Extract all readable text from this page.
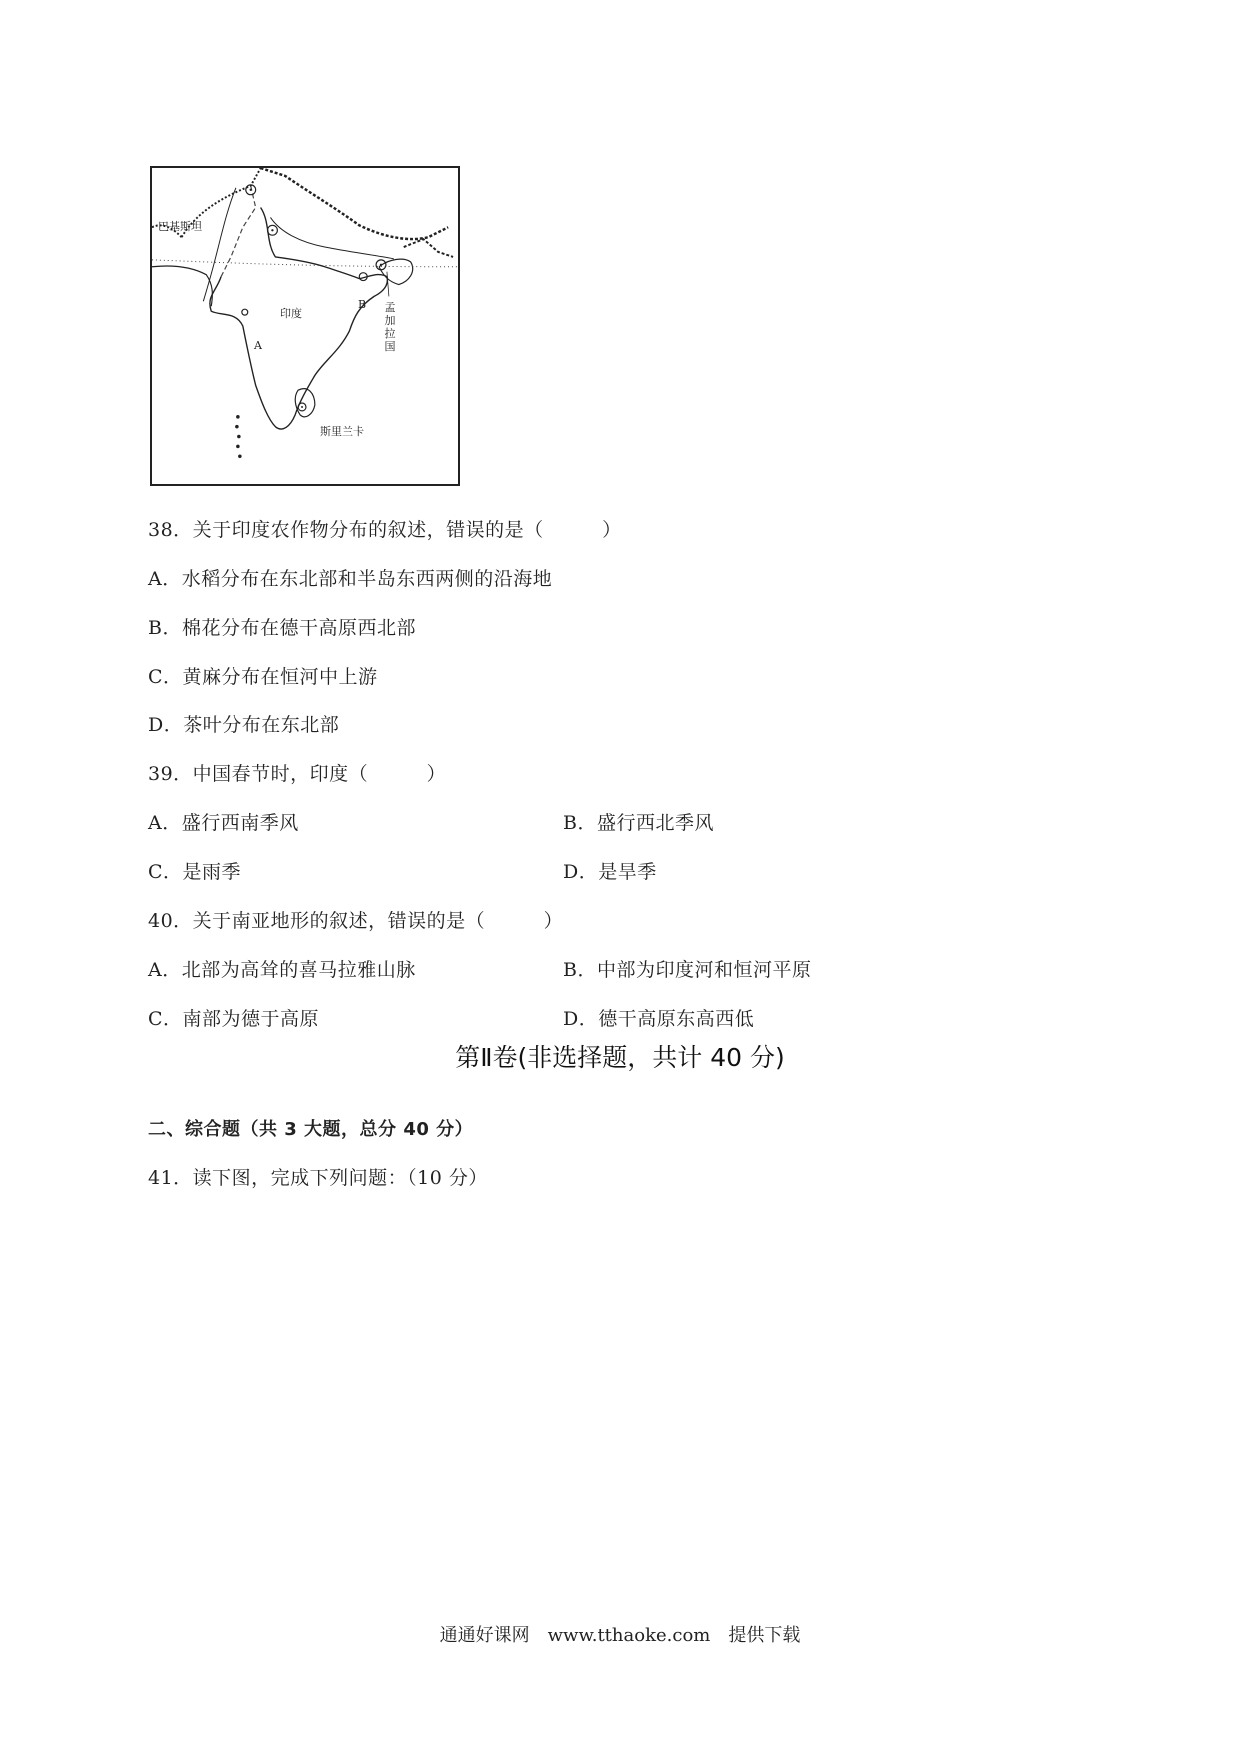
巴基斯坦
印度
A
B 孟加拉国
斯里兰卡
38．关于印度农作物分布的叙述，错误的是（　　　）
A．水稻分布在东北部和半岛东西两侧的沿海地
B．棉花分布在德干高原西北部
C．黄麻分布在恒河中上游
D．茶叶分布在东北部
39．中国春节时，印度（　　　）
A．盛行西南季风	B．盛行西北季风
C．是雨季	D．是旱季
40．关于南亚地形的叙述，错误的是（　　　）
A．北部为高耸的喜马拉雅山脉	B．中部为印度河和恒河平原
C．南部为德于高原	D．德干高原东高西低
第Ⅱ卷(非选择题，共计 40 分)
二、综合题（共 3 大题，总分 40 分）
41．读下图，完成下列问题：（10 分）
通通好课网　www.tthaoke.com　提供下载
